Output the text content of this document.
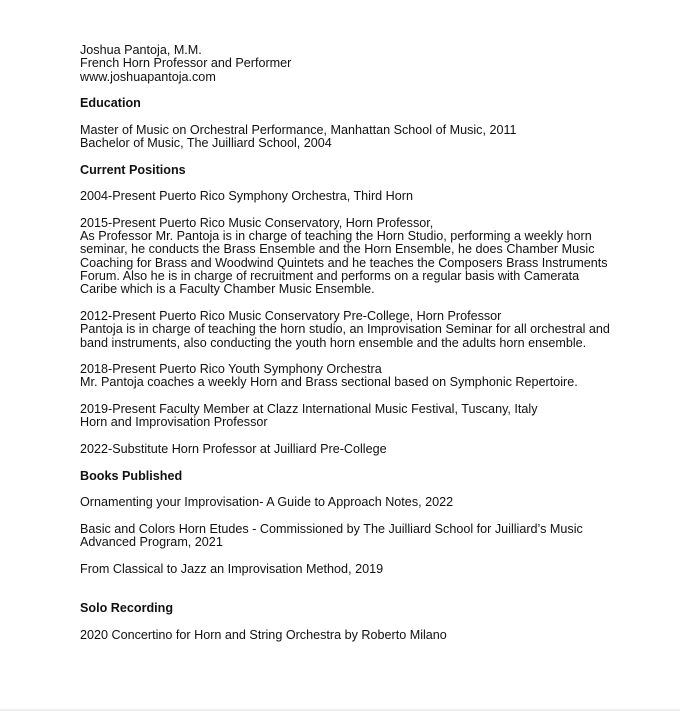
Joshua Pantoja, M.M.
French Horn Professor and Performer
www.joshuapantoja.com
Education
Master of Music on Orchestral Performance, Manhattan School of Music, 2011
Bachelor of Music, The Juilliard School, 2004
Current Positions
2004-Present Puerto Rico Symphony Orchestra, Third Horn
2015-Present Puerto Rico Music Conservatory, Horn Professor,
As Professor Mr. Pantoja is in charge of teaching the Horn Studio, performing a weekly horn
seminar, he conducts the Brass Ensemble and the Horn Ensemble, he does Chamber Music
Coaching for Brass and Woodwind Quintets and he teaches the Composers Brass Instruments
Forum. Also he is in charge of recruitment and performs on a regular basis with Camerata
Caribe which is a Faculty Chamber Music Ensemble.
2012-Present Puerto Rico Music Conservatory Pre-College, Horn Professor
Pantoja is in charge of teaching the horn studio, an Improvisation Seminar for all orchestral and
band instruments, also conducting the youth horn ensemble and the adults horn ensemble.
2018-Present Puerto Rico Youth Symphony Orchestra
Mr. Pantoja coaches a weekly Horn and Brass sectional based on Symphonic Repertoire.
2019-Present Faculty Member at Clazz International Music Festival, Tuscany, Italy
Horn and Improvisation Professor
2022-Substitute Horn Professor at Juilliard Pre-College
Books Published
Ornamenting your Improvisation- A Guide to Approach Notes, 2022
Basic and Colors Horn Etudes - Commissioned by The Juilliard School for Juilliard’s Music
Advanced Program, 2021
From Classical to Jazz an Improvisation Method, 2019
Solo Recording
2020 Concertino for Horn and String Orchestra by Roberto Milano
